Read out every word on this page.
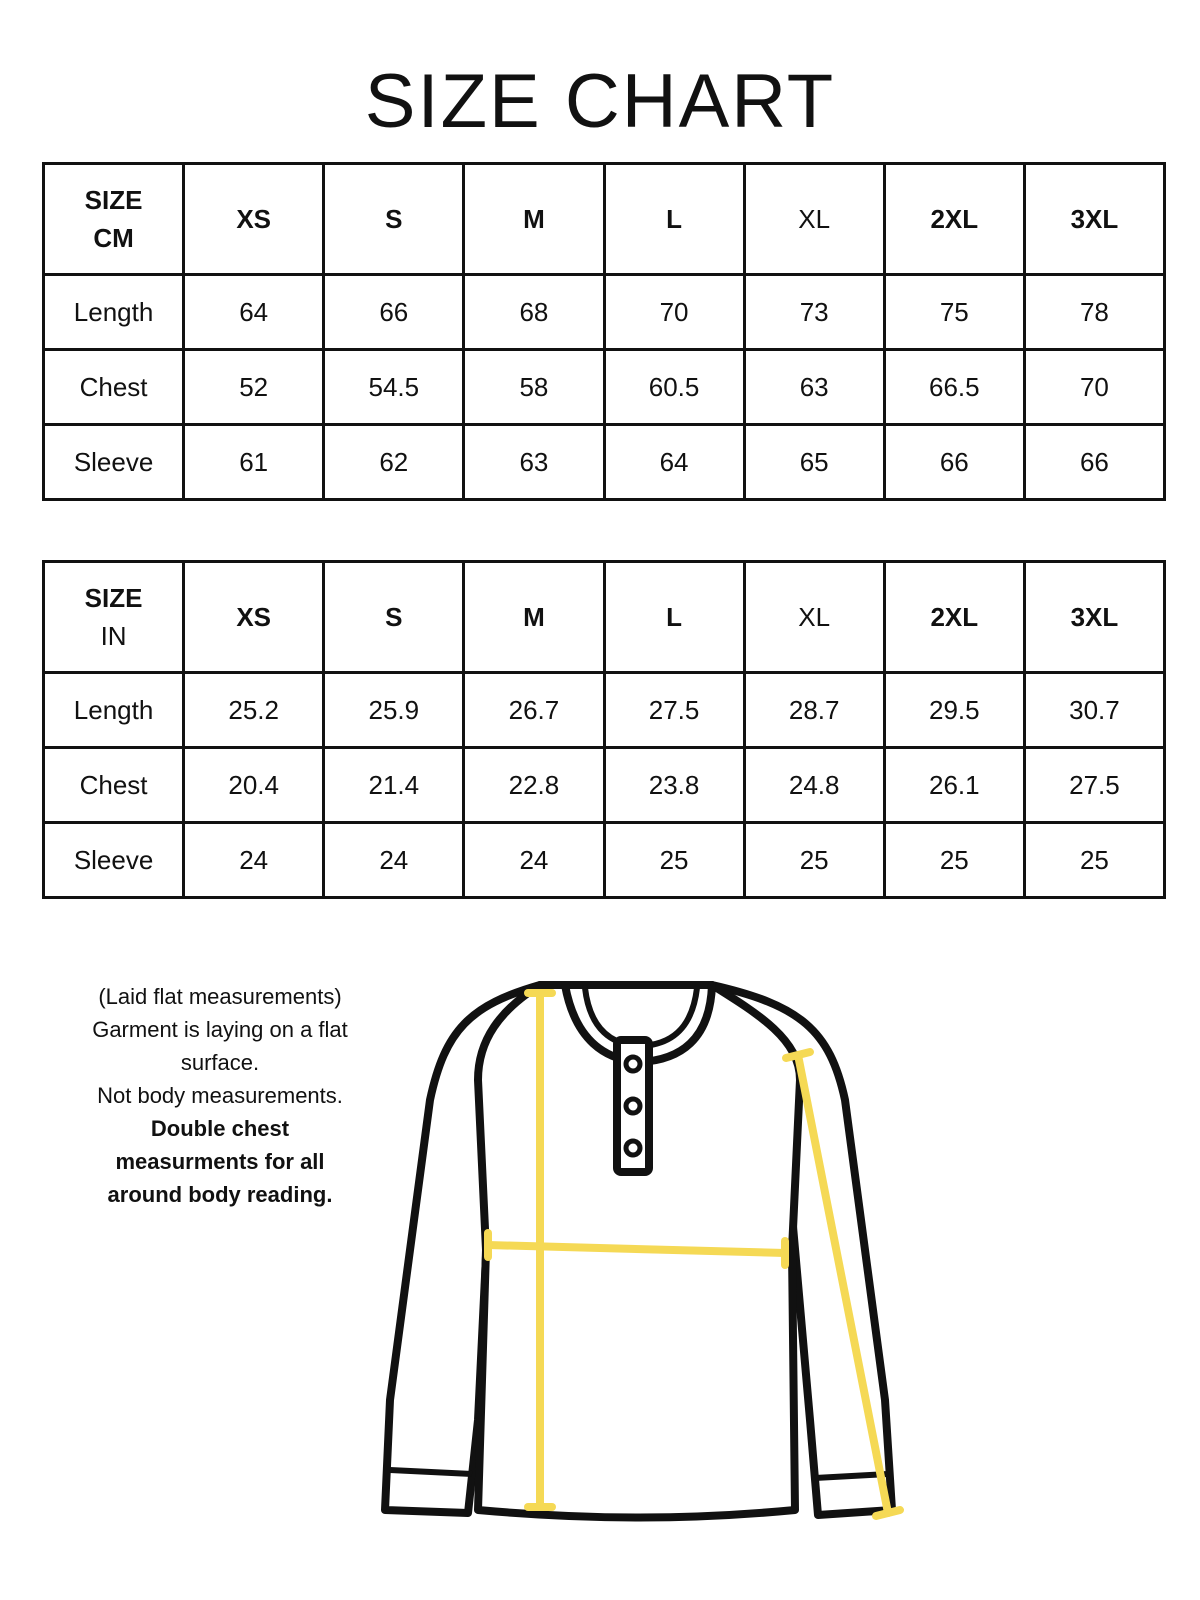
SIZE CHART
SIZE
CM	XS	S	M	L	XL	2XL	3XL
Length	64	66	68	70	73	75	78
Chest	52	54.5	58	60.5	63	66.5	70
Sleeve	61	62	63	64	65	66	66
SIZE
IN	XS	S	M	L	XL	2XL	3XL
Length	25.2	25.9	26.7	27.5	28.7	29.5	30.7
Chest	20.4	21.4	22.8	23.8	24.8	26.1	27.5
Sleeve	24	24	24	25	25	25	25
(Laid flat measurements)
Garment is laying on a flat
surface.
Not body measurements.
Double chest
measurments for all
around body reading.
